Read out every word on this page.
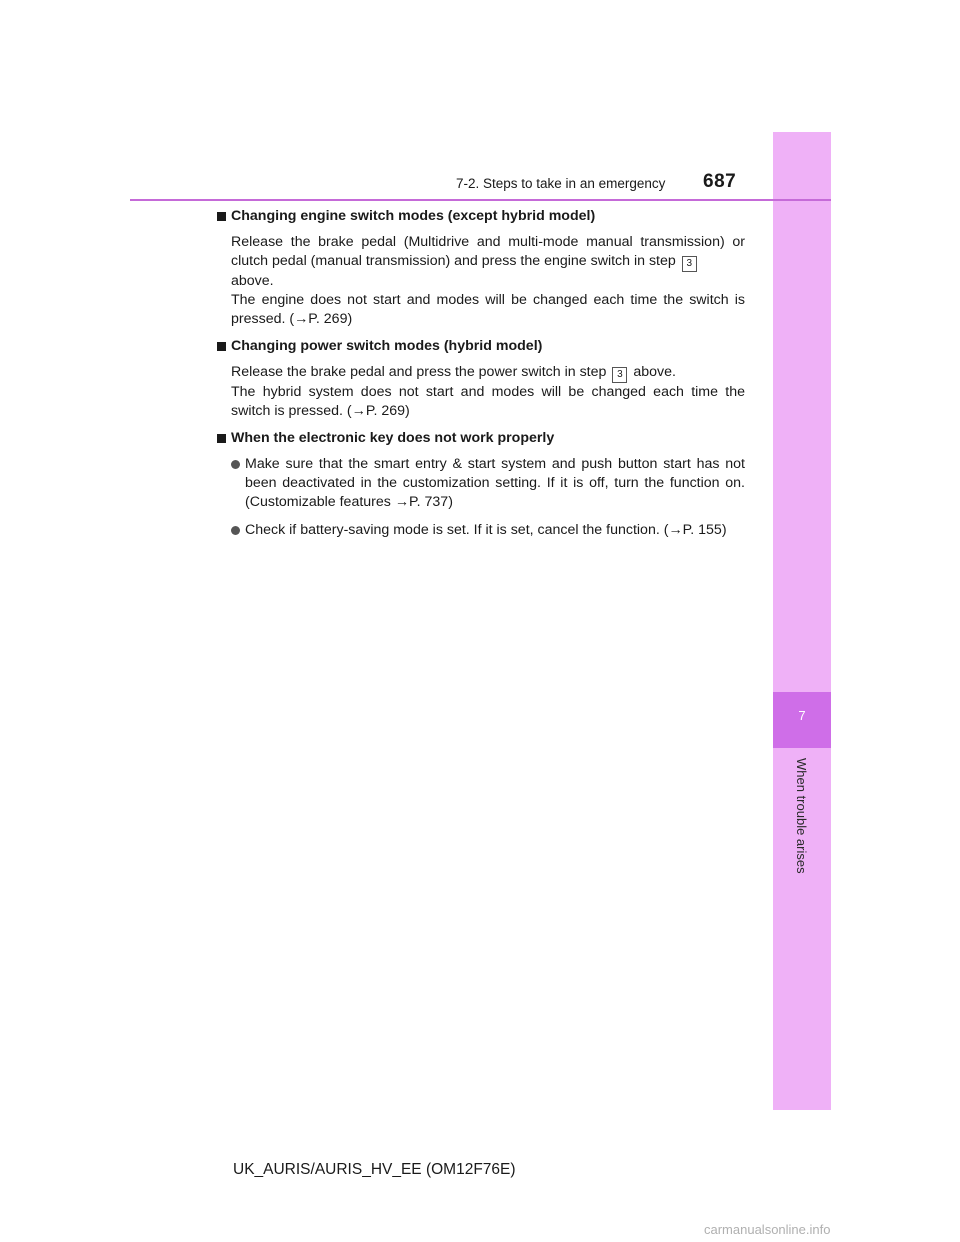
7
When trouble arises
7-2. Steps to take in an emergency 687

Changing engine switch modes (except hybrid model)

Release the brake pedal (Multidrive and multi-mode manual transmission) or clutch pedal (manual transmission) and press the engine switch in step 3
above.
The engine does not start and modes will be changed each time the switch is pressed. (→P. 269)

Changing power switch modes (hybrid model)

Release the brake pedal and press the power switch in step 3 above.
The hybrid system does not start and modes will be changed each time the switch is pressed. (→P. 269)

When the electronic key does not work properly

Make sure that the smart entry & start system and push button start has not been deactivated in the customization setting. If it is off, turn the function on. (Customizable features →P. 737)

Check if battery-saving mode is set. If it is set, cancel the function. (→P. 155)

UK_AURIS/AURIS_HV_EE (OM12F76E)
carmanualsonline.info
